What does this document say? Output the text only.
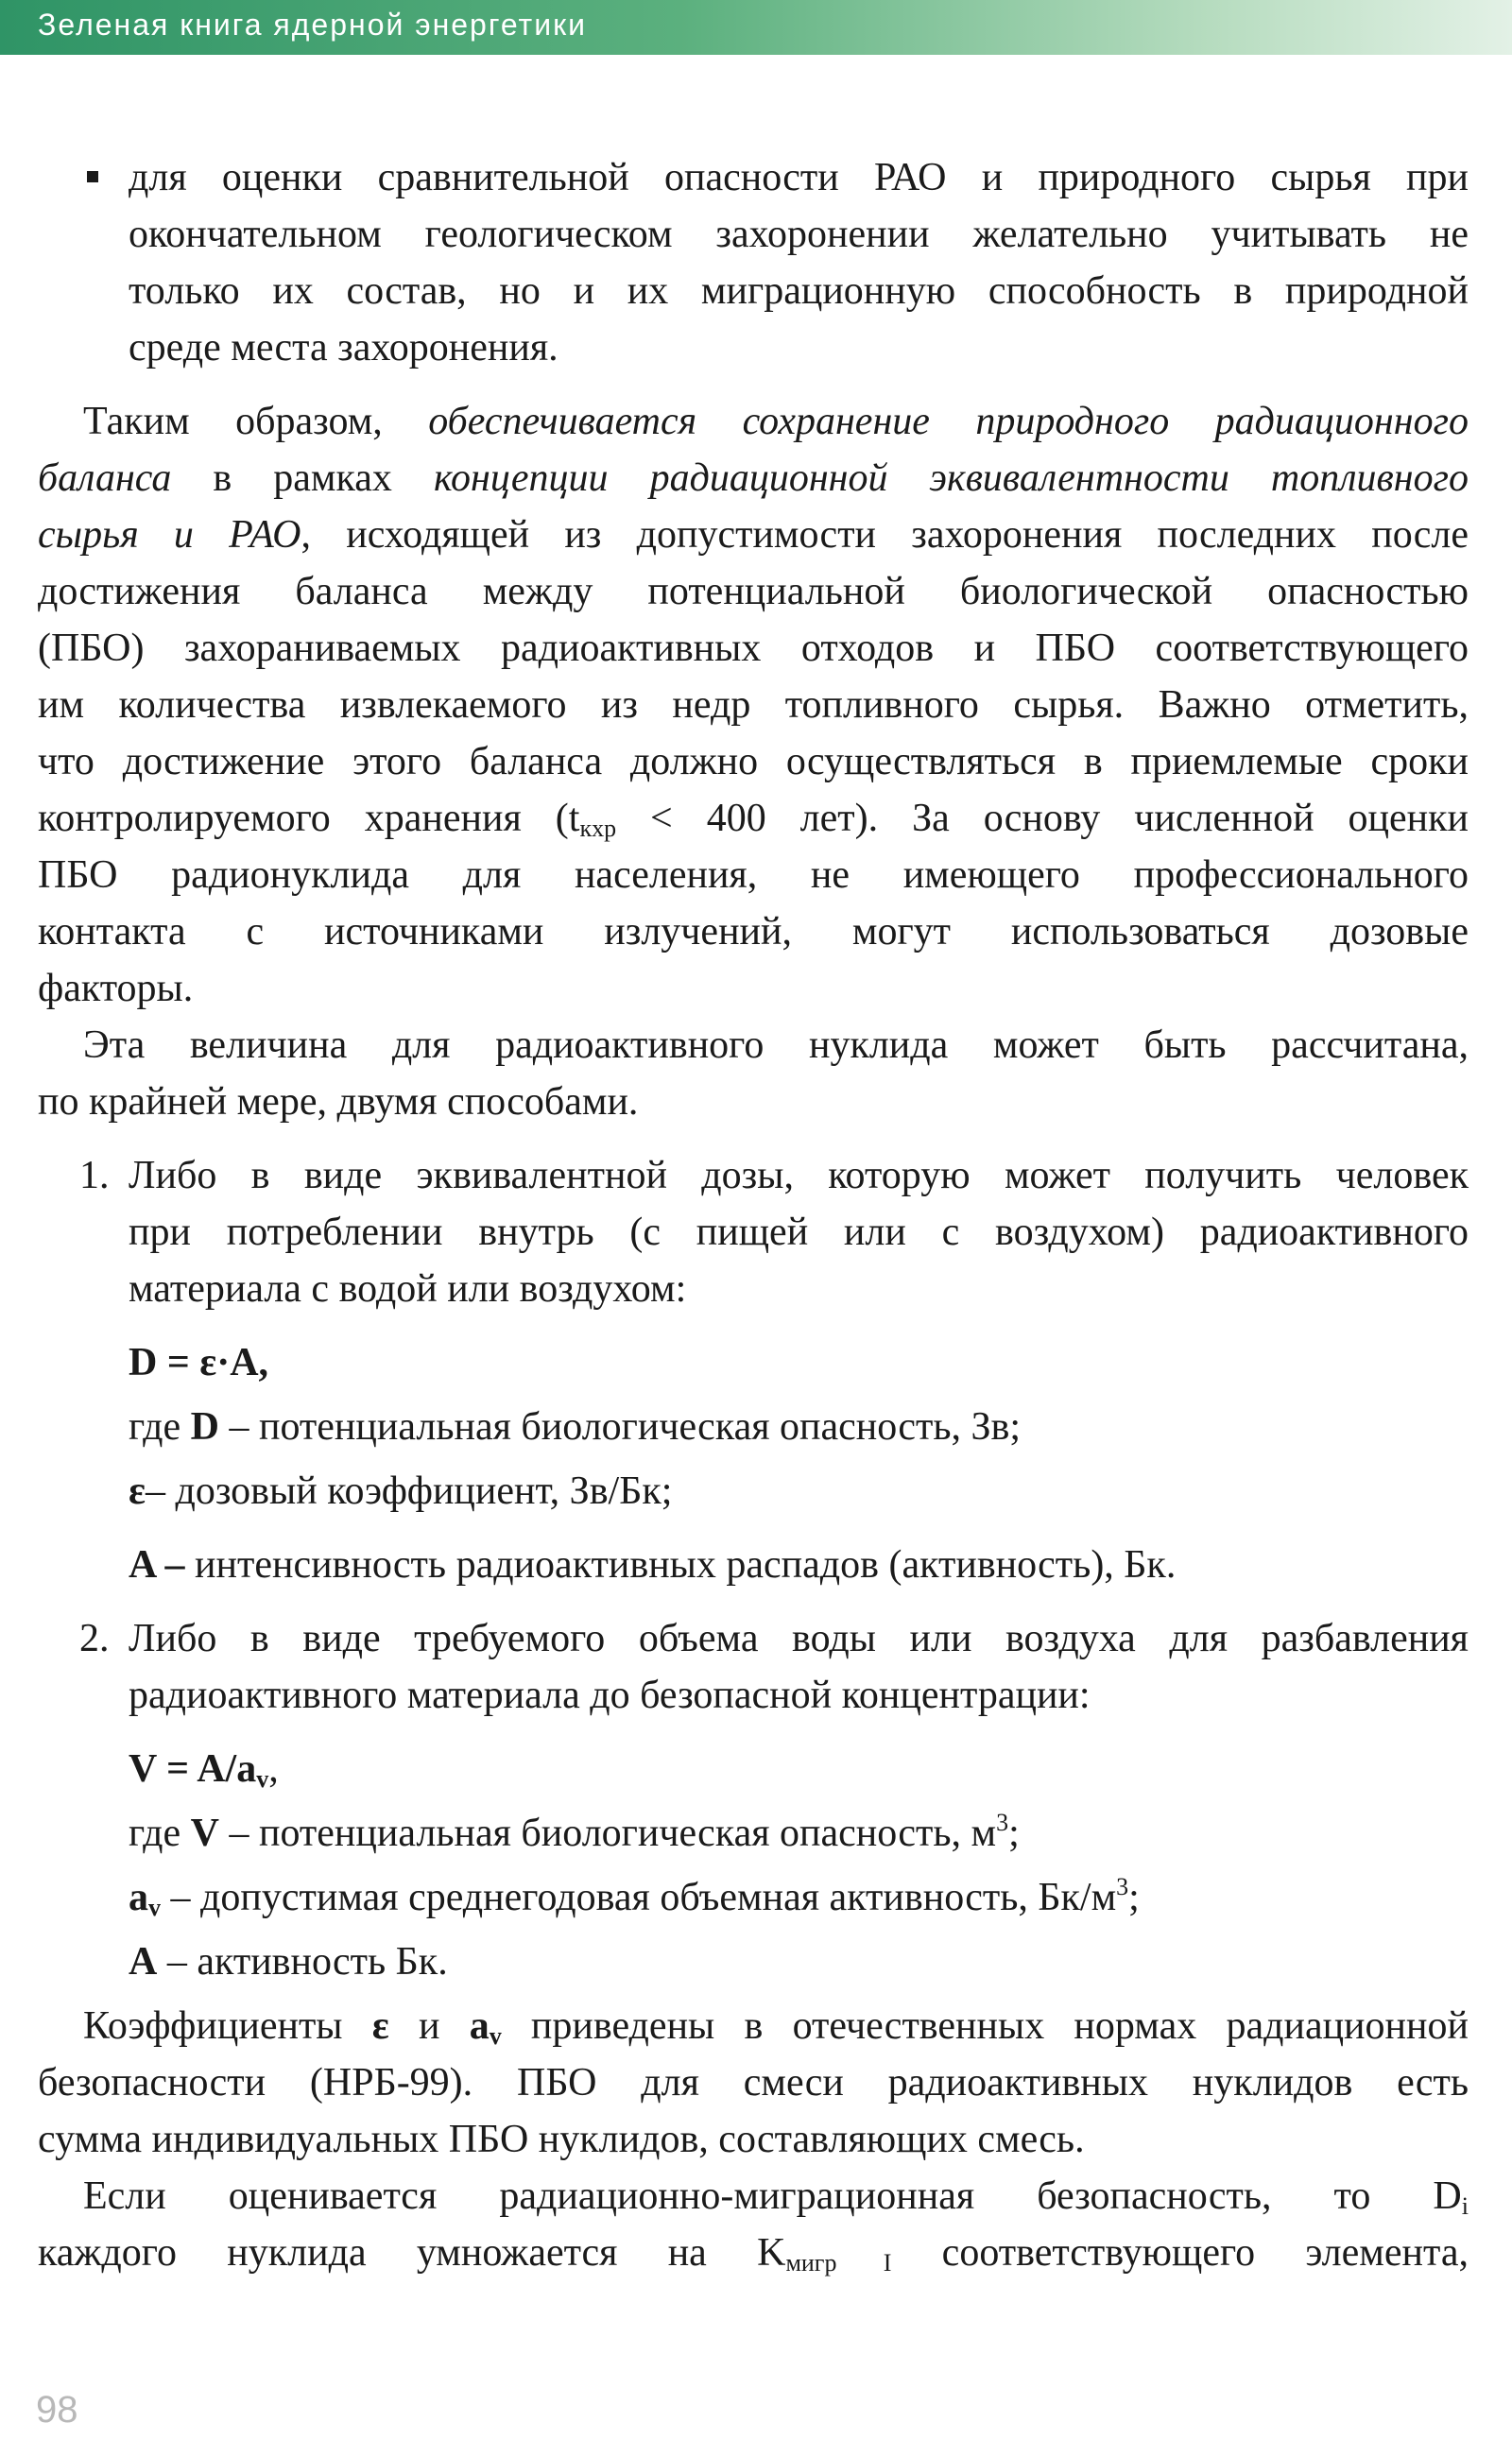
Зеленая книга ядерной энергетики

для оценки сравнительной опасности РАО и природного сырья при

окончательном геологическом захоронении желательно учитывать не

только их состав, но и их миграционную способность в природной

среде места захоронения.

Таким образом, обеспечивается сохранение природного радиационного

баланса в рамках концепции радиационной эквивалентности топливного

сырья и РАО, исходящей из допустимости захоронения последних после

достижения баланса между потенциальной биологической опасностью

(ПБО) захораниваемых радиоактивных отходов и ПБО соответствующего

им количества извлекаемого из недр топливного сырья. Важно отметить,

что достижение этого баланса должно осуществляться в приемлемые сроки

контролируемого хранения ($t_{кхр} < 400$ лет). За основу численной оценки

ПБО радионуклида для населения, не имеющего профессионального

контакта с источниками излучений, могут использоваться дозовые

факторы.

Эта величина для радиоактивного нуклида может быть рассчитана,

по крайней мере, двумя способами.

1. Либо в виде эквивалентной дозы, которую может получить человек

при потреблении внутрь (с пищей или с воздухом) радиоактивного

материала с водой или воздухом:

D = ε·A,
где D – потенциальная биологическая опасность, Зв;
ε– дозовый коэффициент, Зв/Бк;
A – интенсивность радиоактивных распадов (активность), Бк.
2. Либо в виде требуемого объема воды или воздуха для разбавления

радиоактивного материала до безопасной концентрации:

$V = A/a_v$,
где V – потенциальная биологическая опасность, $м^3$;
$a_v$ – допустимая среднегодовая объемная активность, $Бк/м^3$;
A – активность Бк.

Коэффициенты ε и $a_v$ приведены в отечественных нормах радиационной

безопасности (НРБ-99). ПБО для смеси радиоактивных нуклидов есть

сумма индивидуальных ПБО нуклидов, составляющих смесь.

Если оценивается радиационно-миграционная безопасность, то $D_i$

каждого нуклида умножается на $K_{мигр I}$ соответствующего элемента,

98
